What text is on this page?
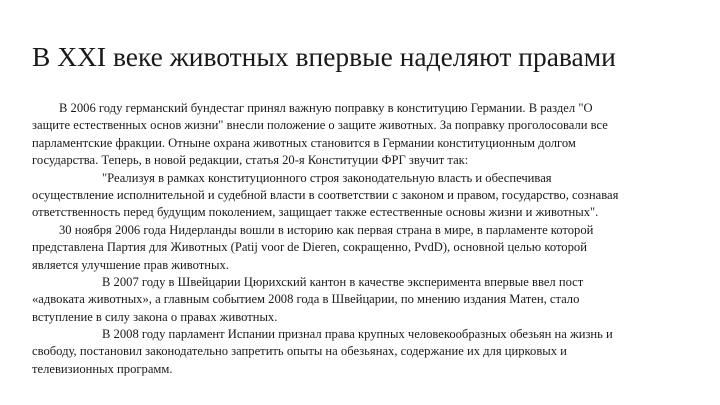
В XXI веке животных впервые наделяют правами
В 2006 году германский бундестаг принял важную поправку в конституцию Германии. В раздел "О
защите естественных основ жизни" внесли положение о защите животных. За поправку проголосовали все
парламентские фракции. Отныне охрана животных становится в Германии конституционным долгом
государства. Теперь, в новой редакции, статья 20-я Конституции ФРГ звучит так:
"Реализуя в рамках конституционного строя законодательную власть и обеспечивая
осуществление исполнительной и судебной власти в соответствии с законом и правом, государство, сознавая
ответственность перед будущим поколением, защищает также естественные основы жизни и животных".
30 ноября 2006 года Нидерланды вошли в историю как первая страна в мире, в парламенте которой
представлена Партия для Животных (Patij voor de Dieren, сокращенно, PvdD), основной целью которой
является улучшение прав животных.
В 2007 году в Швейцарии Цюрихский кантон в качестве эксперимента впервые ввел пост
«адвоката животных», а главным событием 2008 года в Швейцарии, по мнению издания Матен, стало
вступление в силу закона о правах животных.
В 2008 году парламент Испании признал права крупных человекообразных обезьян на жизнь и
свободу, постановил законодательно запретить опыты на обезьянах, содержание их для цирковых и
телевизионных программ.
